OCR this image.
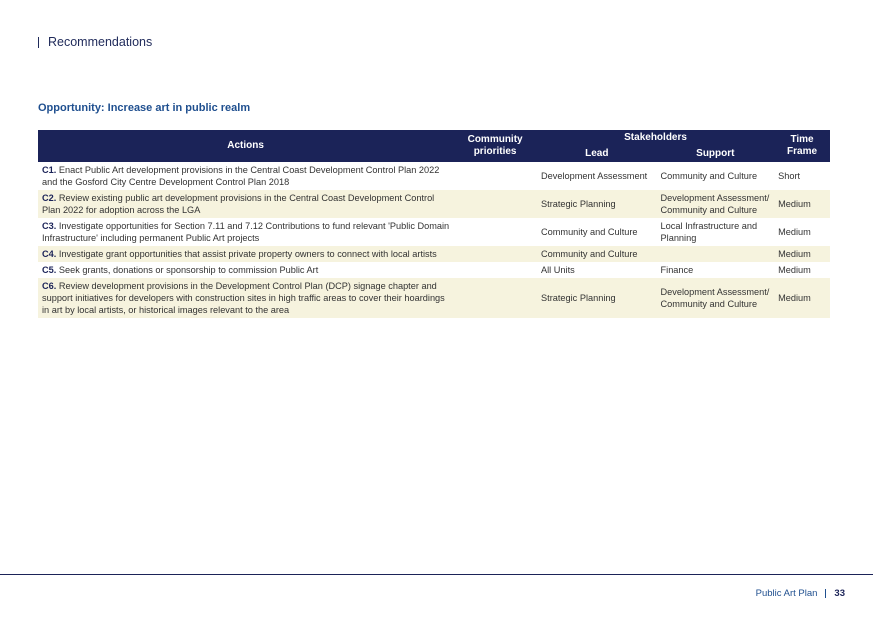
Recommendations
Opportunity: Increase art in public realm
Actions	Community priorities	Stakeholders		Time Frame
		Lead	Support	
C1. Enact Public Art development provisions in the Central Coast Development Control Plan 2022 and the Gosford City Centre Development Control Plan 2018		Development Assessment	Community and Culture	Short
C2. Review existing public art development provisions in the Central Coast Development Control Plan 2022 for adoption across the LGA		Strategic Planning	Development Assessment/ Community and Culture	Medium
C3. Investigate opportunities for Section 7.11 and 7.12 Contributions to fund relevant 'Public Domain Infrastructure' including permanent Public Art projects		Community and Culture	Local Infrastructure and Planning	Medium
C4. Investigate grant opportunities that assist private property owners to connect with local artists		Community and Culture		Medium
C5. Seek grants, donations or sponsorship to commission Public Art		All Units	Finance	Medium
C6. Review development provisions in the Development Control Plan (DCP) signage chapter and support initiatives for developers with construction sites in high traffic areas to cover their hoardings in art by local artists, or historical images relevant to the area		Strategic Planning	Development Assessment/ Community and Culture	Medium
Public Art Plan 33
